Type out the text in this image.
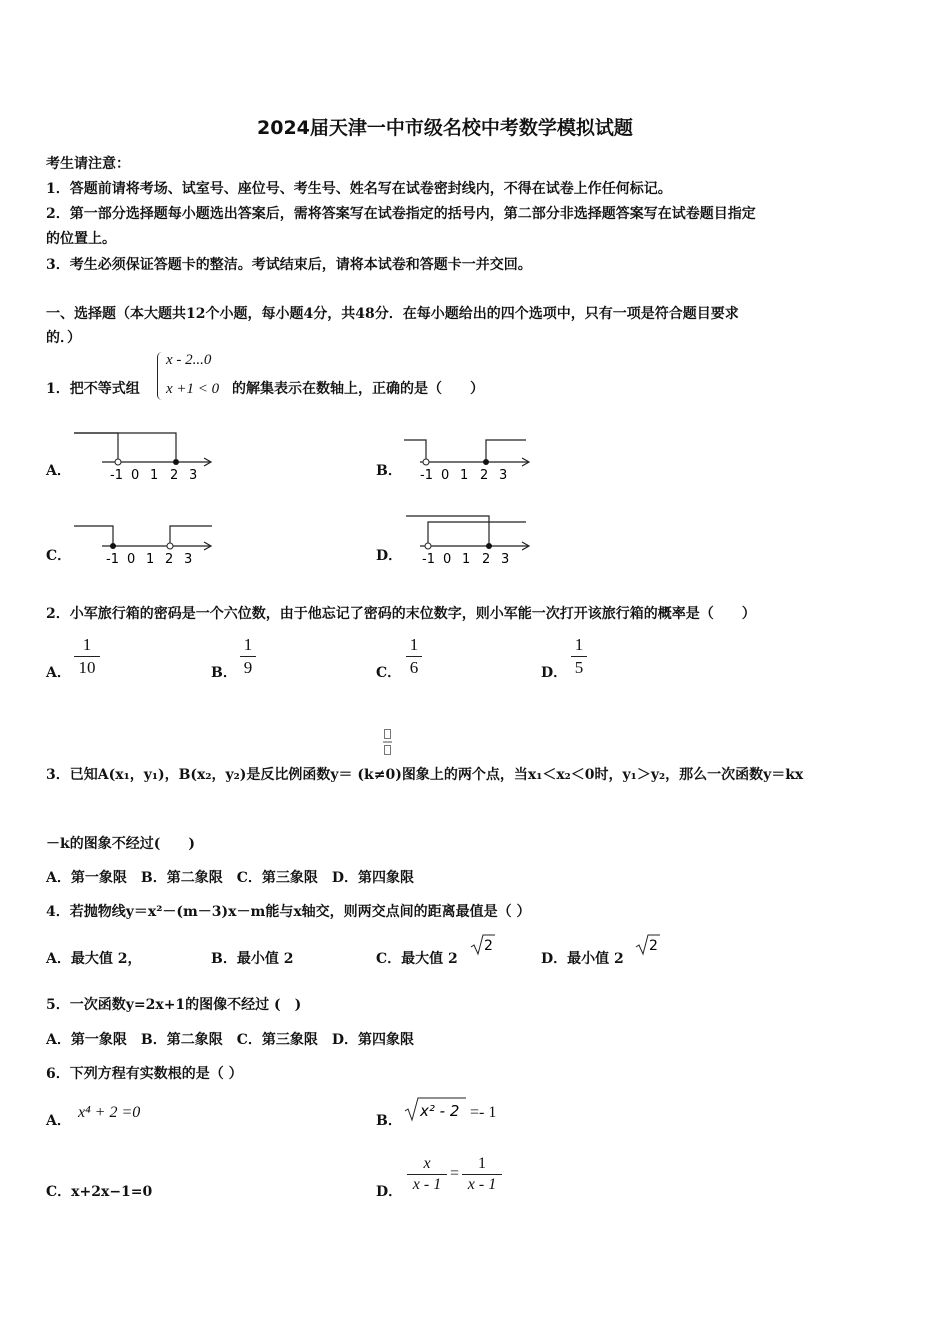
2024届天津一中市级名校中考数学模拟试题
考生请注意：
1．答题前请将考场、试室号、座位号、考生号、姓名写在试卷密封线内，不得在试卷上作任何标记。
2．第一部分选择题每小题选出答案后，需将答案写在试卷指定的括号内，第二部分非选择题答案写在试卷题目指定
的位置上。
3．考生必须保证答题卡的整洁。考试结束后，请将本试卷和答题卡一并交回。
一、选择题（本大题共12个小题，每小题4分，共48分．在每小题给出的四个选项中，只有一项是符合题目要求
的．）
1．把不等式组
x - 2...0
x +1 < 0 的解集表示在数轴上，正确的是（　　）
A．	B．
C．	D．
-1 0 1 2 3	-1 0 1 2 3
-1 0 1 2 3	-1 0 1 2 3
2．小军旅行箱的密码是一个六位数，由于他忘记了密码的末位数字，则小军能一次打开该旅行箱的概率是（　　）
A．
1
10	B．
1
9	C．
1
6	D．
1
5
3．已知A(x₁，y₁)，B(x₂，y₂)是反比例函数y＝ (k≠0)图象上的两个点，当x₁＜x₂＜0时，y₁＞y₂，那么一次函数y＝kx
－k的图象不经过(　　)
A．第一象限　B．第二象限　C．第三象限　D．第四象限
4．若抛物线y＝x²－(m－3)x－m能与x轴交，则两交点间的距离最值是（ ）
A．最大值 2，	B．最小值 2	C．最大值 2
2
D．最小值 2
2
5．一次函数y=2x+1的图像不经过 (　)
A．第一象限　B．第二象限　C．第三象限　D．第四象限
6．下列方程有实数根的是（ ）
A． x⁴ + 2 =0	B．
x² - 2 =- 1
C．x+2x−1=0	D．
x
x - 1
=
1
x - 1
